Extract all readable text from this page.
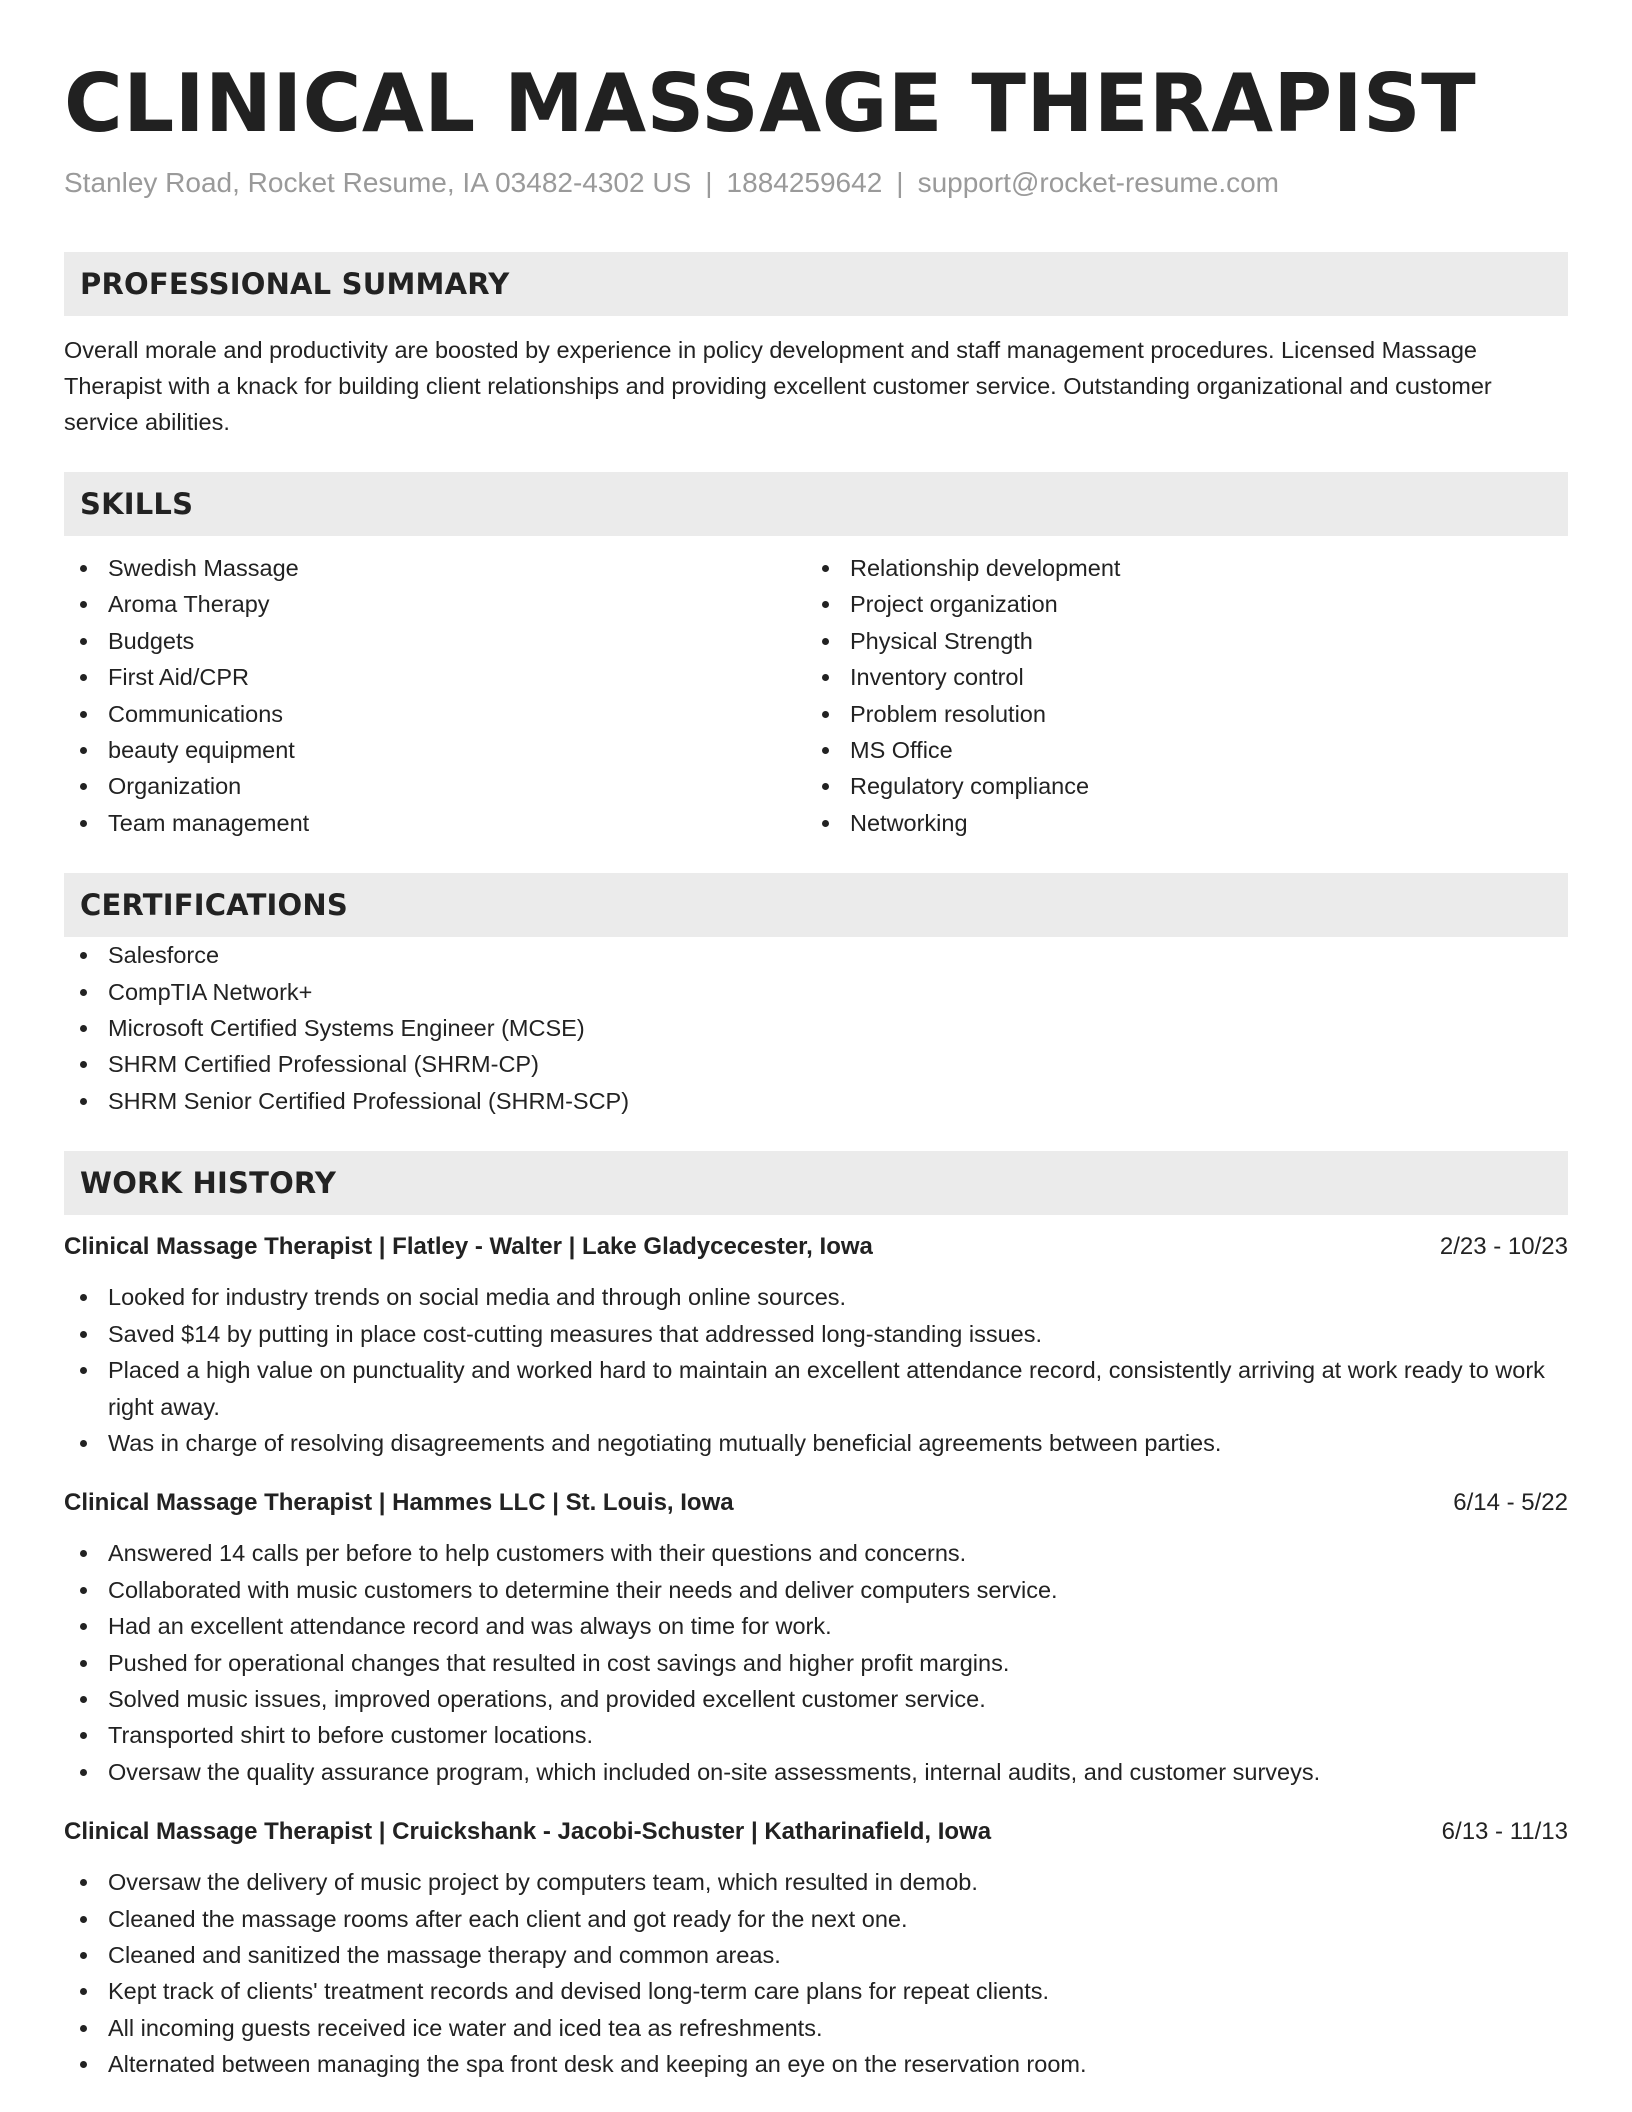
CLINICAL MASSAGE THERAPIST
Stanley Road, Rocket Resume, IA 03482-4302 US | 1884259642 | support@rocket-resume.com
PROFESSIONAL SUMMARY
Overall morale and productivity are boosted by experience in policy development and staff management procedures. Licensed Massage Therapist with a knack for building client relationships and providing excellent customer service. Outstanding organizational and customer service abilities.
SKILLS
Swedish Massage
Aroma Therapy
Budgets
First Aid/CPR
Communications
beauty equipment
Organization
Team management
Relationship development
Project organization
Physical Strength
Inventory control
Problem resolution
MS Office
Regulatory compliance
Networking
CERTIFICATIONS
Salesforce
CompTIA Network+
Microsoft Certified Systems Engineer (MCSE)
SHRM Certified Professional (SHRM-CP)
SHRM Senior Certified Professional (SHRM-SCP)
WORK HISTORY
Clinical Massage Therapist | Flatley - Walter | Lake Gladycecester, Iowa	2/23 - 10/23
Looked for industry trends on social media and through online sources.
Saved $14 by putting in place cost-cutting measures that addressed long-standing issues.
Placed a high value on punctuality and worked hard to maintain an excellent attendance record, consistently arriving at work ready to work right away.
Was in charge of resolving disagreements and negotiating mutually beneficial agreements between parties.
Clinical Massage Therapist | Hammes LLC | St. Louis, Iowa	6/14 - 5/22
Answered 14 calls per before to help customers with their questions and concerns.
Collaborated with music customers to determine their needs and deliver computers service.
Had an excellent attendance record and was always on time for work.
Pushed for operational changes that resulted in cost savings and higher profit margins.
Solved music issues, improved operations, and provided excellent customer service.
Transported shirt to before customer locations.
Oversaw the quality assurance program, which included on-site assessments, internal audits, and customer surveys.
Clinical Massage Therapist | Cruickshank - Jacobi-Schuster | Katharinafield, Iowa	6/13 - 11/13
Oversaw the delivery of music project by computers team, which resulted in demob.
Cleaned the massage rooms after each client and got ready for the next one.
Cleaned and sanitized the massage therapy and common areas.
Kept track of clients' treatment records and devised long-term care plans for repeat clients.
All incoming guests received ice water and iced tea as refreshments.
Alternated between managing the spa front desk and keeping an eye on the reservation room.
